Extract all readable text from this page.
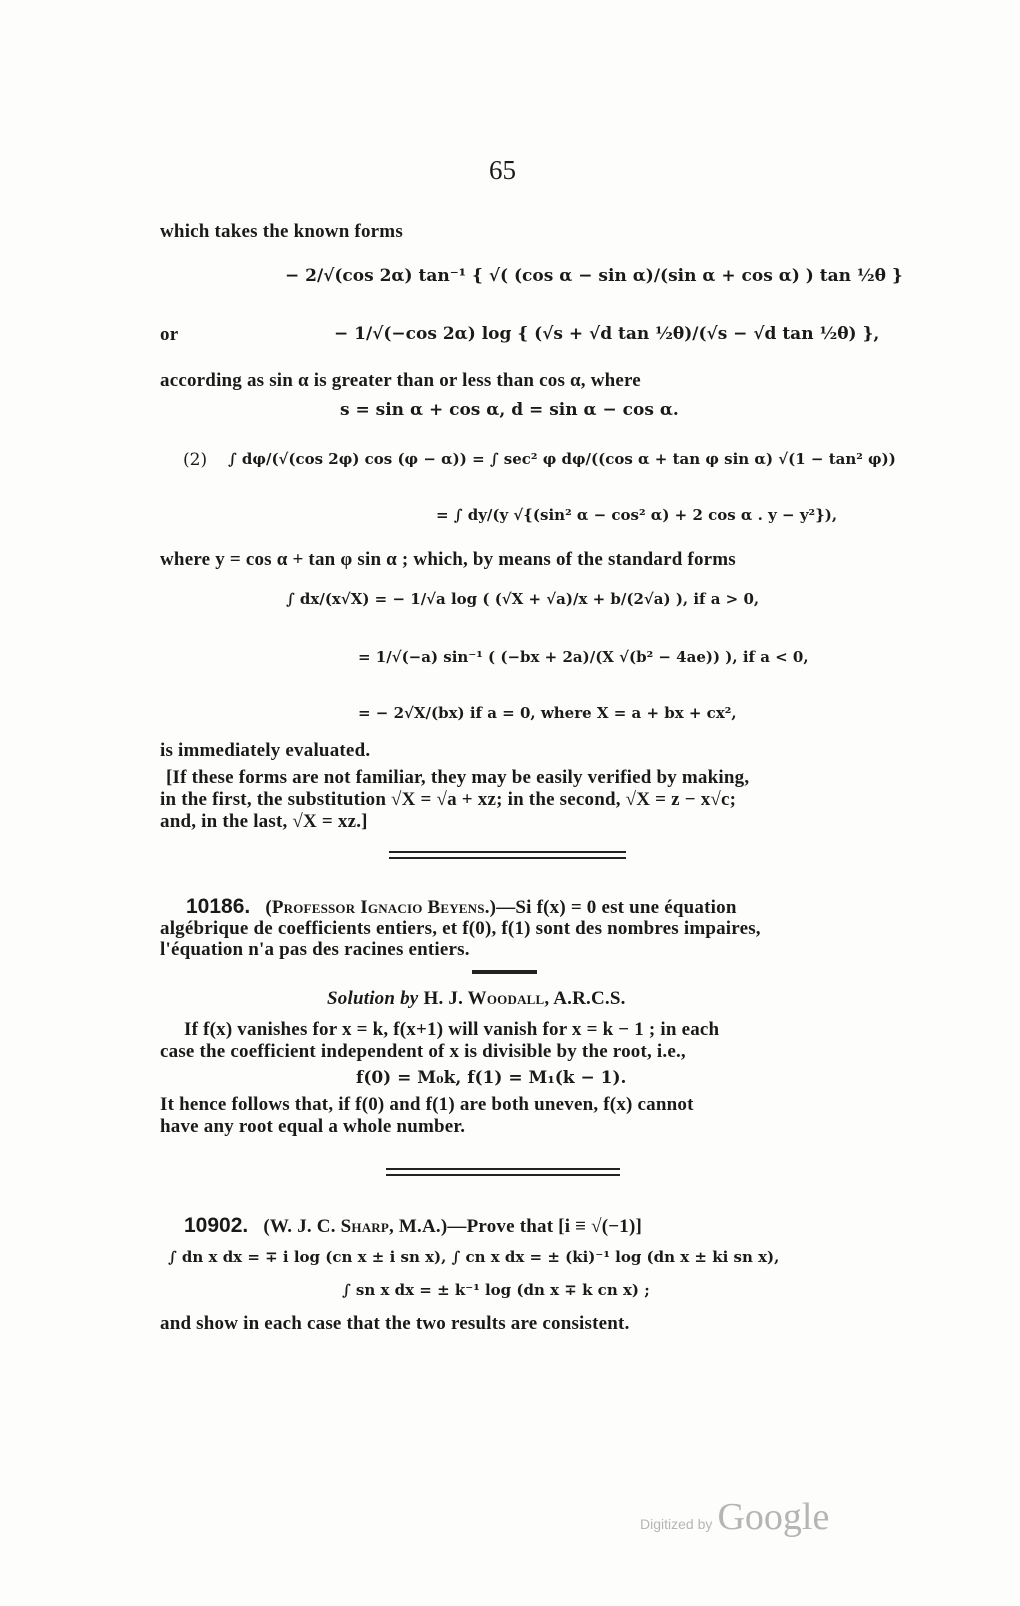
65
which takes the known forms
− 2/√(cos 2α) tan⁻¹ { √( (cos α − sin α)/(sin α + cos α) ) tan ½θ }
or	− 1/√(−cos 2α) log { (√s + √d tan ½θ)/(√s − √d tan ½θ) },
according as sin α is greater than or less than cos α, where
s = sin α + cos α, d = sin α − cos α.
(2) ∫ dφ/(√(cos 2φ) cos (φ − α)) = ∫ sec² φ dφ/((cos α + tan φ sin α) √(1 − tan² φ))
= ∫ dy/(y √{(sin² α − cos² α) + 2 cos α . y − y²}),
where y = cos α + tan φ sin α ; which, by means of the standard forms
∫ dx/(x√X) = − 1/√a log ( (√X + √a)/x + b/(2√a) ), if a > 0,
= 1/√(−a) sin⁻¹ ( (−bx + 2a)/(X √(b² − 4ae)) ), if a < 0,
= − 2√X/(bx) if a = 0, where X = a + bx + cx²,
is immediately evaluated.
[If these forms are not familiar, they may be easily verified by making,
in the first, the substitution √X = √a + xz; in the second, √X = z − x√c;
and, in the last, √X = xz.]
10186. (Professor Ignacio Beyens.)—Si f(x) = 0 est une équation
algébrique de coefficients entiers, et f(0), f(1) sont des nombres impaires,
l'équation n'a pas des racines entiers.
Solution by H. J. Woodall, A.R.C.S.
If f(x) vanishes for x = k, f(x+1) will vanish for x = k − 1 ; in each
case the coefficient independent of x is divisible by the root, i.e.,
f(0) = M₀k, f(1) = M₁(k − 1).
It hence follows that, if f(0) and f(1) are both uneven, f(x) cannot
have any root equal a whole number.
10902. (W. J. C. Sharp, M.A.)—Prove that [i ≡ √(−1)]
∫ dn x dx = ∓ i log (cn x ± i sn x), ∫ cn x dx = ± (ki)⁻¹ log (dn x ± ki sn x),
∫ sn x dx = ± k⁻¹ log (dn x ∓ k cn x) ;
and show in each case that the two results are consistent.
Digitized by Google
